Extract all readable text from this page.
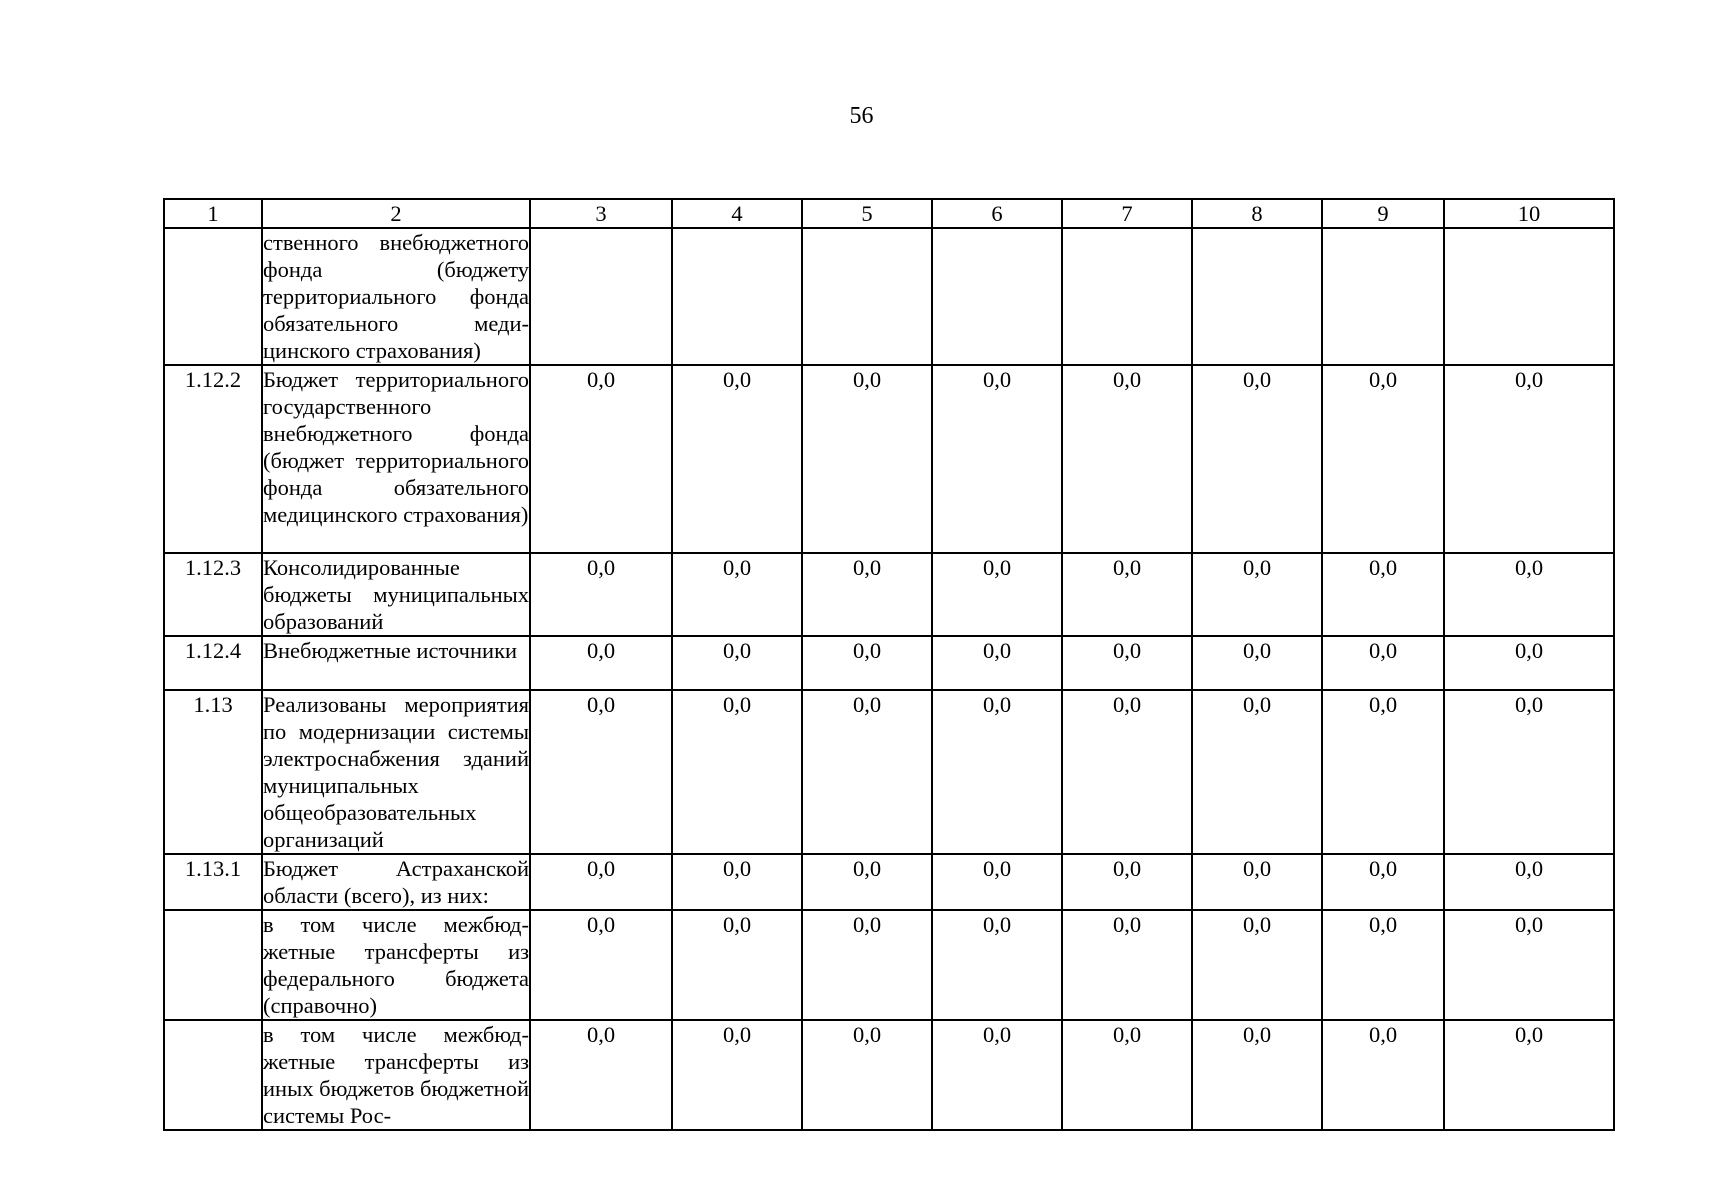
56
1	2	3	4	5	6	7	8	9	10
	ственного внебюджетного фонда (бюджету территориального фонда обязательного медицинского страхования)								
1.12.2	Бюджет территориального государственного внебюджетного фонда (бюджет территориального фонда обязательного медицинского страхования)	0,0	0,0	0,0	0,0	0,0	0,0	0,0	0,0
1.12.3	Консолидированные бюджеты муниципальных образований	0,0	0,0	0,0	0,0	0,0	0,0	0,0	0,0
1.12.4	Внебюджетные источники	0,0	0,0	0,0	0,0	0,0	0,0	0,0	0,0
1.13	Реализованы мероприятия по модернизации системы электроснабжения зданий муниципальных общеобразовательных организаций	0,0	0,0	0,0	0,0	0,0	0,0	0,0	0,0
1.13.1	Бюджет Астраханской области (всего), из них:	0,0	0,0	0,0	0,0	0,0	0,0	0,0	0,0
	в том числе межбюджетные трансферты из федерального бюджета (справочно)	0,0	0,0	0,0	0,0	0,0	0,0	0,0	0,0
	в том числе межбюджетные трансферты из иных бюджетов бюджетной системы Рос-	0,0	0,0	0,0	0,0	0,0	0,0	0,0	0,0
